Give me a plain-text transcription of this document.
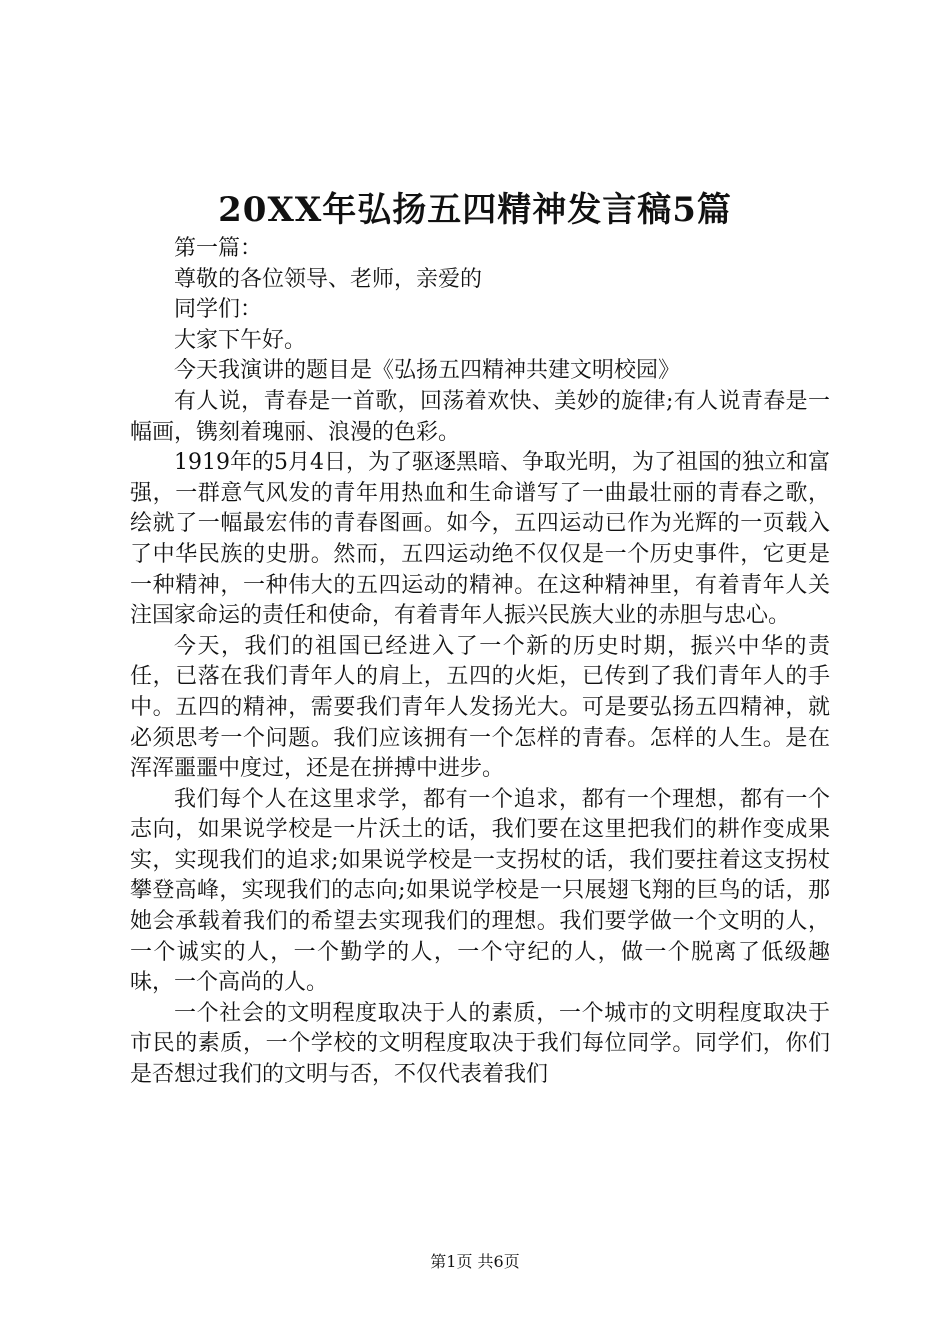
20XX年弘扬五四精神发言稿5篇

第一篇：

尊敬的各位领导、老师，亲爱的

同学们：

大家下午好。

今天我演讲的题目是《弘扬五四精神共建文明校园》

有人说，青春是一首歌，回荡着欢快、美妙的旋律;有人说青春是一幅画，镌刻着瑰丽、浪漫的色彩。

1919年的5月4日，为了驱逐黑暗、争取光明，为了祖国的独立和富强，一群意气风发的青年用热血和生命谱写了一曲最壮丽的青春之歌，绘就了一幅最宏伟的青春图画。如今，五四运动已作为光辉的一页载入了中华民族的史册。然而，五四运动绝不仅仅是一个历史事件，它更是一种精神，一种伟大的五四运动的精神。在这种精神里，有着青年人关注国家命运的责任和使命，有着青年人振兴民族大业的赤胆与忠心。

今天，我们的祖国已经进入了一个新的历史时期，振兴中华的责任，已落在我们青年人的肩上，五四的火炬，已传到了我们青年人的手中。五四的精神，需要我们青年人发扬光大。可是要弘扬五四精神，就必须思考一个问题。我们应该拥有一个怎样的青春。怎样的人生。是在浑浑噩噩中度过，还是在拼搏中进步。

我们每个人在这里求学，都有一个追求，都有一个理想，都有一个志向，如果说学校是一片沃土的话，我们要在这里把我们的耕作变成果实，实现我们的追求;如果说学校是一支拐杖的话，我们要拄着这支拐杖攀登高峰，实现我们的志向;如果说学校是一只展翅飞翔的巨鸟的话，那她会承载着我们的希望去实现我们的理想。我们要学做一个文明的人，一个诚实的人，一个勤学的人，一个守纪的人，做一个脱离了低级趣味，一个高尚的人。

一个社会的文明程度取决于人的素质，一个城市的文明程度取决于市民的素质，一个学校的文明程度取决于我们每位同学。同学们，你们是否想过我们的文明与否，不仅代表着我们

第1页 共6页
